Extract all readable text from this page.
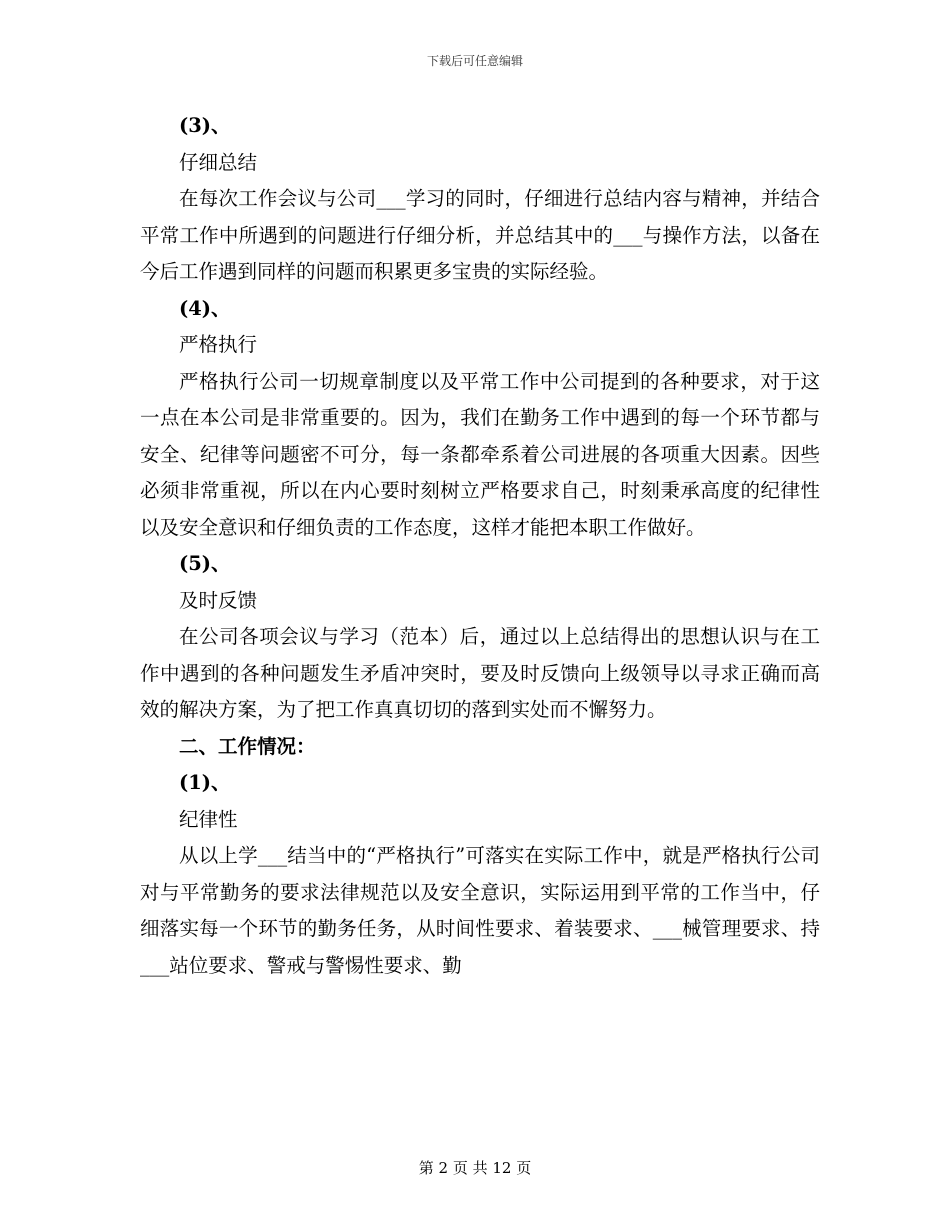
下载后可任意编辑

(3)、

仔细总结

在每次工作会议与公司___学习的同时，仔细进行总结内容与精神，并结合平常工作中所遇到的问题进行仔细分析，并总结其中的___与操作方法，以备在今后工作遇到同样的问题而积累更多宝贵的实际经验。

(4)、

严格执行

严格执行公司一切规章制度以及平常工作中公司提到的各种要求，对于这一点在本公司是非常重要的。因为，我们在勤务工作中遇到的每一个环节都与安全、纪律等问题密不可分，每一条都牵系着公司进展的各项重大因素。因些必须非常重视，所以在内心要时刻树立严格要求自己，时刻秉承高度的纪律性以及安全意识和仔细负责的工作态度，这样才能把本职工作做好。

(5)、

及时反馈

在公司各项会议与学习（范本）后，通过以上总结得出的思想认识与在工作中遇到的各种问题发生矛盾冲突时，要及时反馈向上级领导以寻求正确而高效的解决方案，为了把工作真真切切的落到实处而不懈努力。

二、工作情况：

(1)、

纪律性

从以上学___结当中的“严格执行”可落实在实际工作中，就是严格执行公司对与平常勤务的要求法律规范以及安全意识，实际运用到平常的工作当中，仔细落实每一个环节的勤务任务，从时间性要求、着装要求、___械管理要求、持___站位要求、警戒与警惕性要求、勤

第 2 页 共 12 页
